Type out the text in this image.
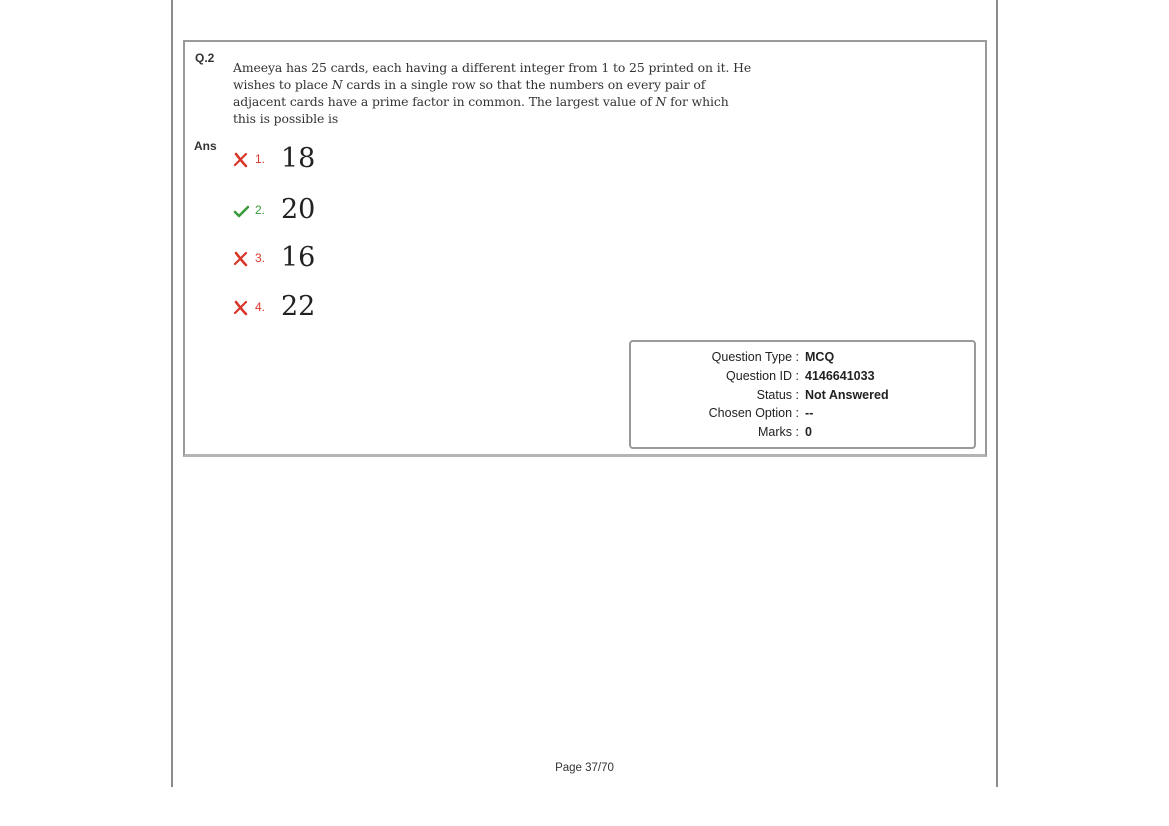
Q.2
Ameeya has 25 cards, each having a different integer from 1 to 25 printed on it. He wishes to place N cards in a single row so that the numbers on every pair of adjacent cards have a prime factor in common. The largest value of N for which this is possible is
Ans
1. 18
2. 20
3. 16
4. 22
Question Type : MCQ
Question ID : 4146641033
Status : Not Answered
Chosen Option : --
Marks : 0
Page 37/70
